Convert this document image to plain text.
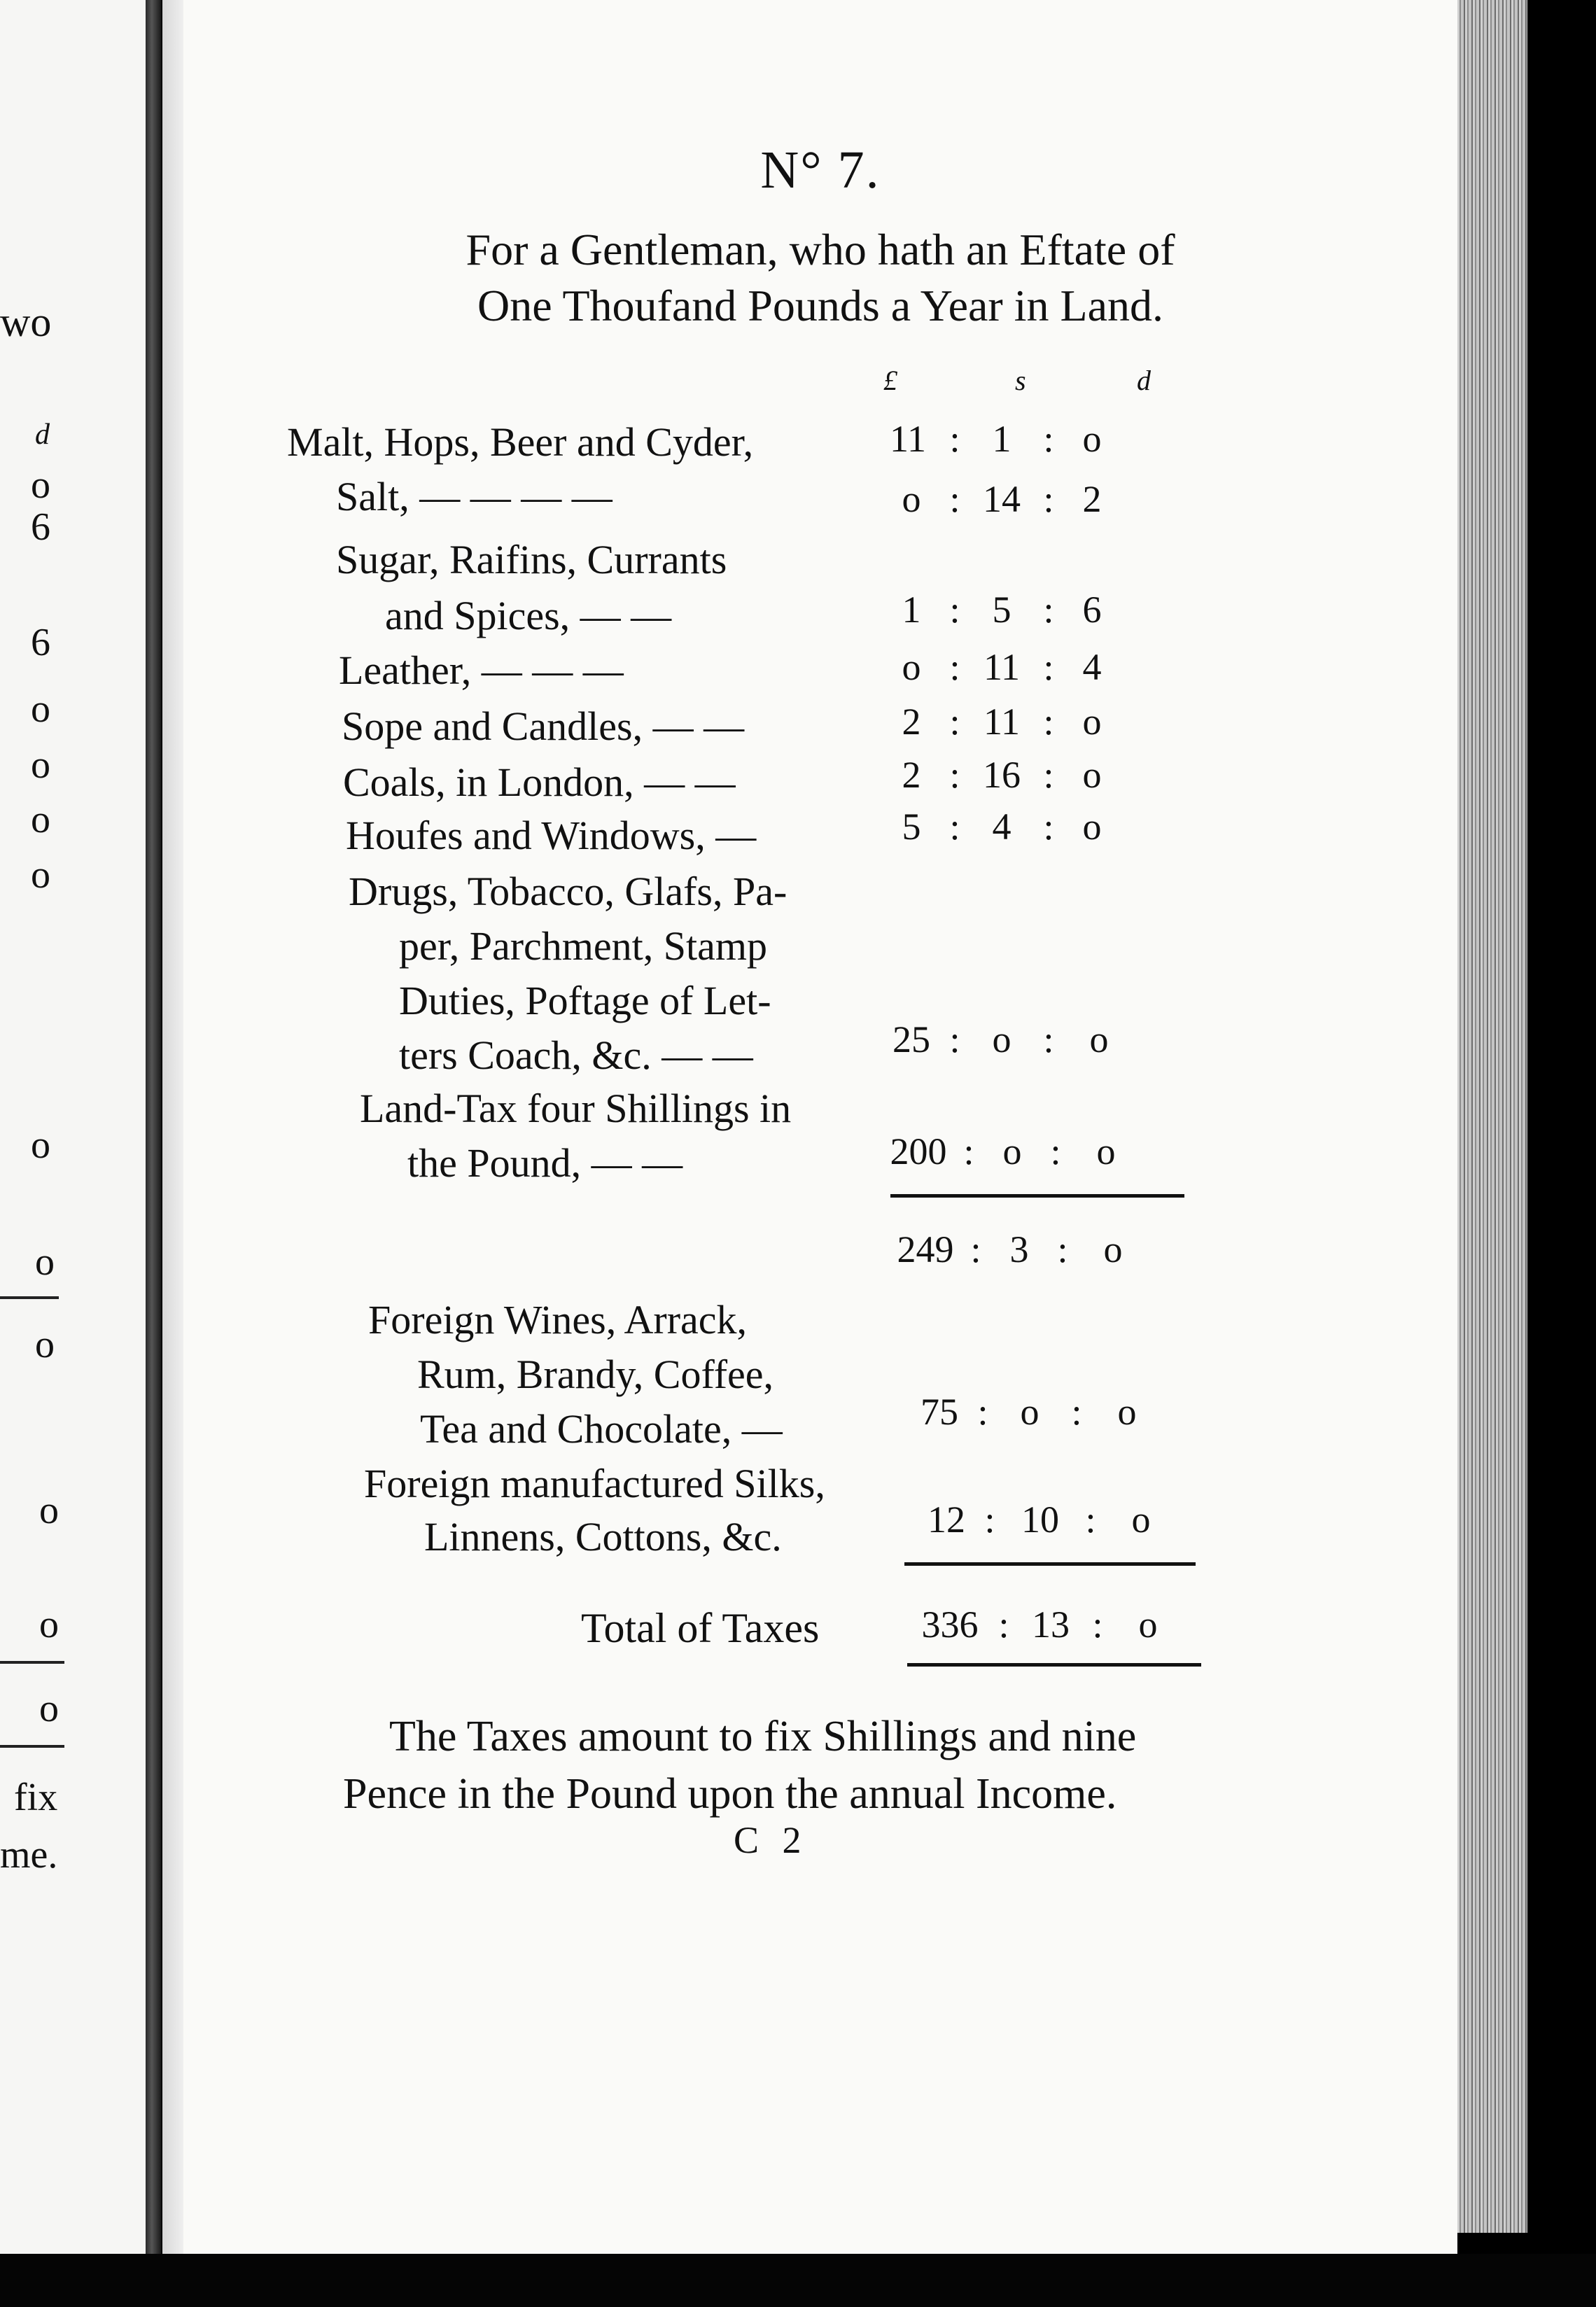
wo
d
o
6
6
o
o
o
o
o
o
o
o
o
o
fix
me.
N° 7.
For a Gentleman, who hath an Eftate of
One Thoufand Pounds a Year in Land.
£	s	d
Malt, Hops, Beer and Cyder,	11 : 1 : o
Salt, — — — —	o : 14 : 2
Sugar, Raifins, Currants
and Spices, — —	1 : 5 : 6
Leather, — — —	o : 11 : 4
Sope and Candles, — —	2 : 11 : o
Coals, in London, — —	2 : 16 : o
Houfes and Windows, —	5 : 4 : o
Drugs, Tobacco, Glafs, Pa-
per, Parchment, Stamp
Duties, Poftage of Let-
ters Coach, &c. — —	25 : o : o
Land-Tax four Shillings in
the Pound, — —	200 : o : o
249 : 3 : o
Foreign Wines, Arrack,
Rum, Brandy, Coffee,
Tea and Chocolate, —	75 : o : o
Foreign manufactured Silks,
Linnens, Cottons, &c.	12 : 10 : o
Total of Taxes	336 : 13 : o
The Taxes amount to fix Shillings and nine
Pence in the Pound upon the annual Income.
C 2
